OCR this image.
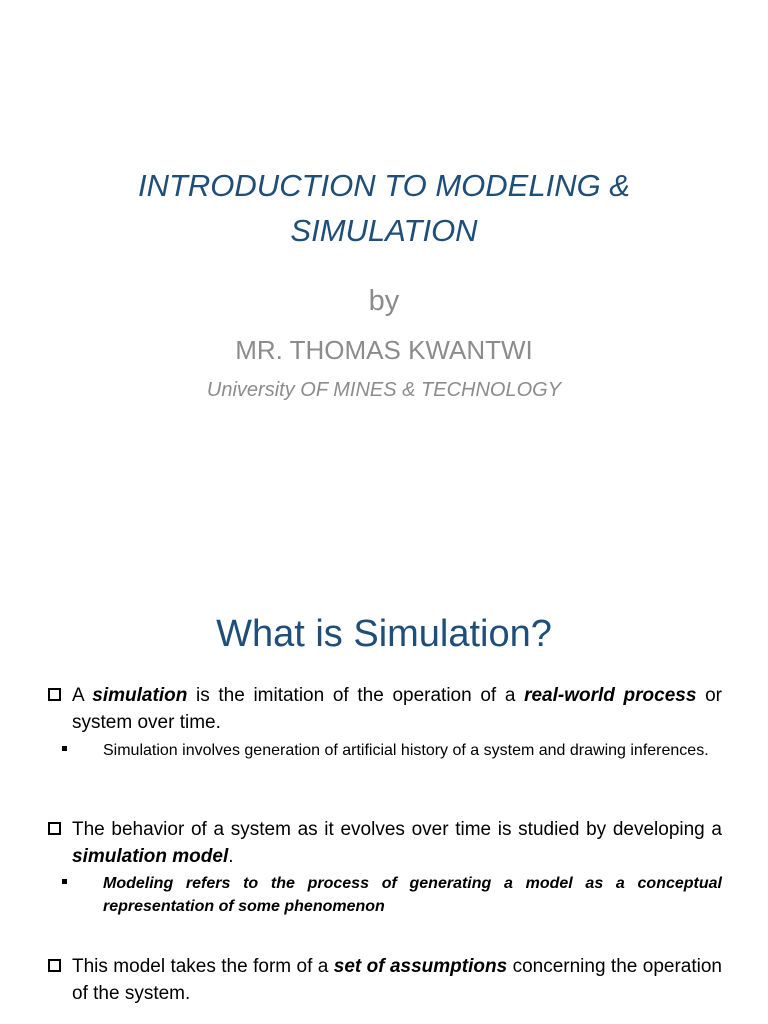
INTRODUCTION TO MODELING &
SIMULATION
by
MR. THOMAS KWANTWI
University OF MINES & TECHNOLOGY
What is Simulation?
A simulation is the imitation of the operation of a real-world process or system over time.
Simulation involves generation of artificial history of a system and drawing inferences.
The behavior of a system as it evolves over time is studied by developing a simulation model.
Modeling refers to the process of generating a model as a conceptual representation of some phenomenon
This model takes the form of a set of assumptions concerning the operation of the system.
